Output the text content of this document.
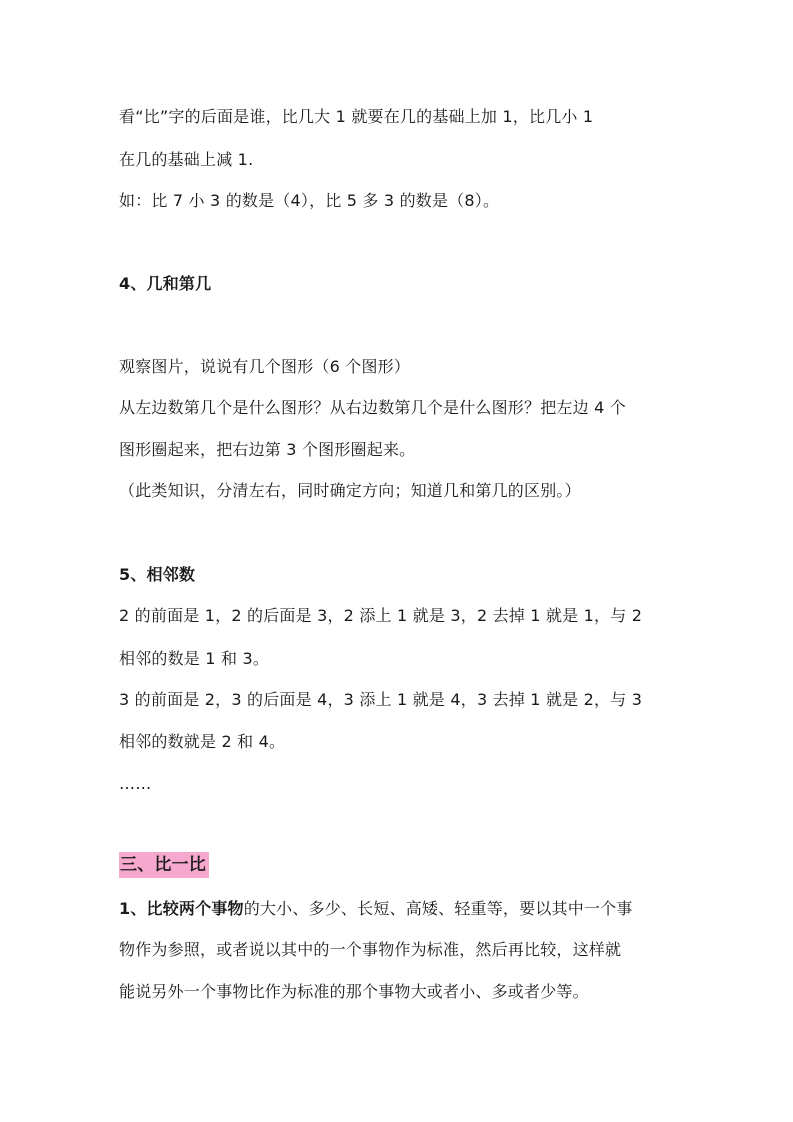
看“比”字的后面是谁，比几大 1 就要在几的基础上加 1，比几小 1
在几的基础上减 1.
如：比 7 小 3 的数是（4），比 5 多 3 的数是（8）。
4、几和第几
观察图片，说说有几个图形（6 个图形）
从左边数第几个是什么图形？从右边数第几个是什么图形？把左边 4 个
图形圈起来，把右边第 3 个图形圈起来。
（此类知识，分清左右，同时确定方向；知道几和第几的区别。）
5、相邻数
2 的前面是 1，2 的后面是 3，2 添上 1 就是 3，2 去掉 1 就是 1，与 2
相邻的数是 1 和 3。
3 的前面是 2，3 的后面是 4，3 添上 1 就是 4，3 去掉 1 就是 2，与 3
相邻的数就是 2 和 4。
……
三、比一比
1、比较两个事物的大小、多少、长短、高矮、轻重等，要以其中一个事
物作为参照，或者说以其中的一个事物作为标准，然后再比较，这样就
能说另外一个事物比作为标准的那个事物大或者小、多或者少等。
